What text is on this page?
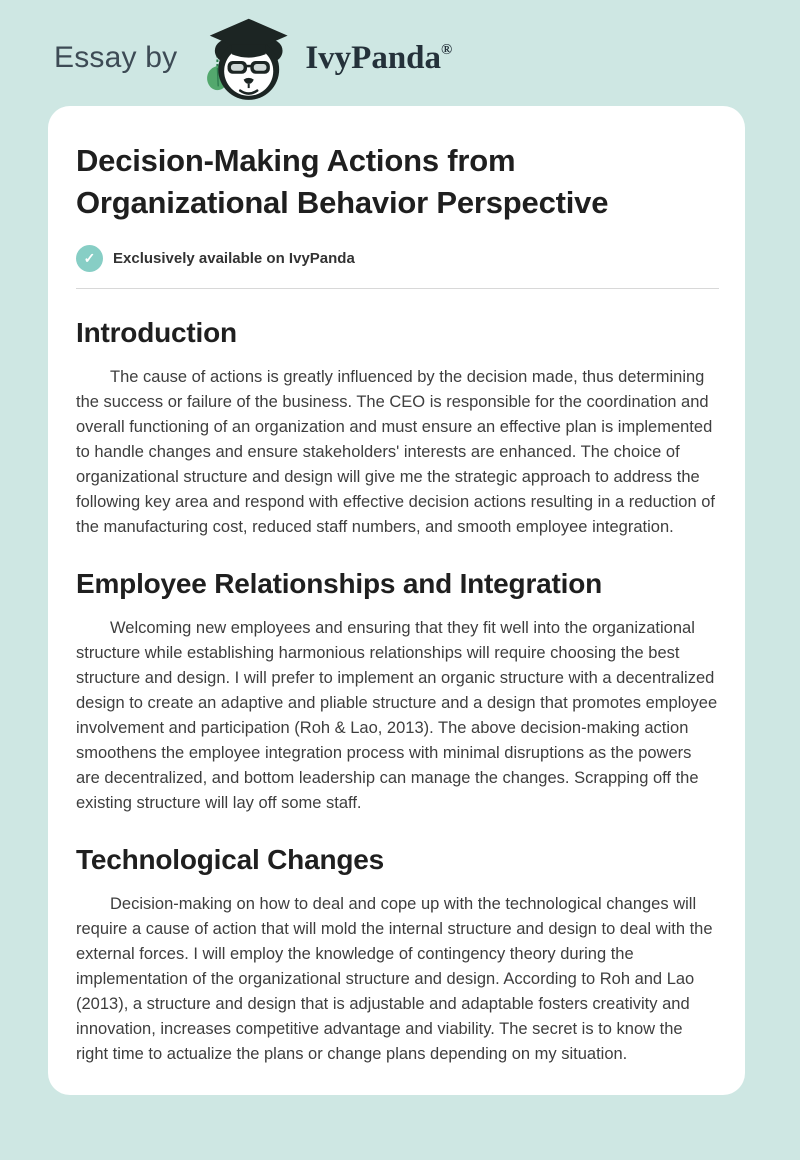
Essay by	IvyPanda®
Decision-Making Actions from Organizational Behavior Perspective
✓	Exclusively available on IvyPanda
Introduction

The cause of actions is greatly influenced by the decision made, thus determining the success or failure of the business. The CEO is responsible for the coordination and overall functioning of an organization and must ensure an effective plan is implemented to handle changes and ensure stakeholders' interests are enhanced. The choice of organizational structure and design will give me the strategic approach to address the following key area and respond with effective decision actions resulting in a reduction of the manufacturing cost, reduced staff numbers, and smooth employee integration.

Employee Relationships and Integration

Welcoming new employees and ensuring that they fit well into the organizational structure while establishing harmonious relationships will require choosing the best structure and design. I will prefer to implement an organic structure with a decentralized design to create an adaptive and pliable structure and a design that promotes employee involvement and participation (Roh & Lao, 2013). The above decision-making action smoothens the employee integration process with minimal disruptions as the powers are decentralized, and bottom leadership can manage the changes. Scrapping off the existing structure will lay off some staff.

Technological Changes

Decision-making on how to deal and cope up with the technological changes will require a cause of action that will mold the internal structure and design to deal with the external forces. I will employ the knowledge of contingency theory during the implementation of the organizational structure and design. According to Roh and Lao (2013), a structure and design that is adjustable and adaptable fosters creativity and innovation, increases competitive advantage and viability. The secret is to know the right time to actualize the plans or change plans depending on my situation.
